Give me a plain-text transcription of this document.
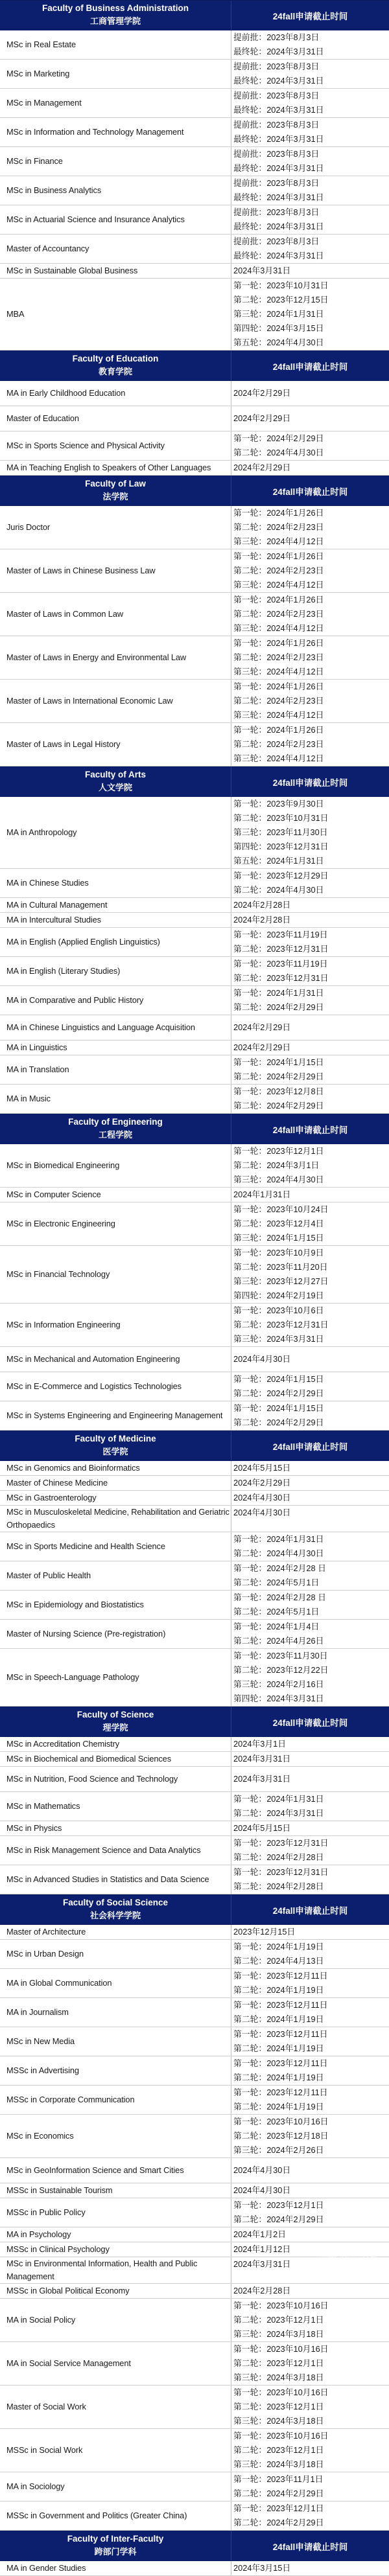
Faculty of Business Administration
工商管理学院	24fall申请截止时间
MSc in Real Estate
提前批：2023年8月3日
最终轮：2024年3月31日
MSc in Marketing
提前批：2023年8月3日
最终轮：2024年3月31日
MSc in Management
提前批：2023年8月3日
最终轮：2024年3月31日
MSc in Information and Technology Management
提前批：2023年8月3日
最终轮：2024年3月31日
MSc in Finance
提前批：2023年8月3日
最终轮：2024年3月31日
MSc in Business Analytics
提前批：2023年8月3日
最终轮：2024年3月31日
MSc in Actuarial Science and Insurance Analytics
提前批：2023年8月3日
最终轮：2024年3月31日
Master of Accountancy
提前批：2023年8月3日
最终轮：2024年3月31日
MSc in Sustainable Global Business	2024年3月31日
MBA
第一轮：2023年10月31日
第二轮：2023年12月15日
第三轮：2024年1月31日
第四轮：2024年3月15日
第五轮：2024年4月30日
Faculty of Education
教育学院	24fall申请截止时间
MA in Early Childhood Education	2024年2月29日
Master of Education	2024年2月29日
MSc in Sports Science and Physical Activity
第一轮：2024年2月29日
第二轮：2024年4月30日
MA in Teaching English to Speakers of Other Languages	2024年2月29日
Faculty of Law
法学院	24fall申请截止时间
Juris Doctor
第一轮：2024年1月26日
第二轮：2024年2月23日
第三轮：2024年4月12日
Master of Laws in Chinese Business Law
第一轮：2024年1月26日
第二轮：2024年2月23日
第三轮：2024年4月12日
Master of Laws in Common Law
第一轮：2024年1月26日
第二轮：2024年2月23日
第三轮：2024年4月12日
Master of Laws in Energy and Environmental Law
第一轮：2024年1月26日
第二轮：2024年2月23日
第三轮：2024年4月12日
Master of Laws in International Economic Law
第一轮：2024年1月26日
第二轮：2024年2月23日
第三轮：2024年4月12日
Master of Laws in Legal History
第一轮：2024年1月26日
第二轮：2024年2月23日
第三轮：2024年4月12日
Faculty of Arts
人文学院	24fall申请截止时间
MA in Anthropology
第一轮：2023年9月30日
第二轮：2023年10月31日
第三轮：2023年11月30日
第四轮：2023年12月31日
第五轮：2024年1月31日
MA in Chinese Studies
第一轮：2023年12月29日
第二轮：2024年4月30日
MA in Cultural Management	2024年2月28日
MA in Intercultural Studies	2024年2月28日
MA in English (Applied English Linguistics)
第一轮：2023年11月19日
第二轮：2023年12月31日
MA in English (Literary Studies)
第一轮：2023年11月19日
第二轮：2023年12月31日
MA in Comparative and Public History
第一轮：2024年1月31日
第二轮：2024年2月29日
MA in Chinese Linguistics and Language Acquisition	2024年2月29日
MA in Linguistics	2024年2月29日
MA in Translation
第一轮：2024年1月15日
第二轮：2024年2月29日
MA in Music
第一轮：2023年12月8日
第二轮：2024年2月29日
Faculty of Engineering
工程学院	24fall申请截止时间
MSc in Biomedical Engineering
第一轮：2023年12月1日
第二轮：2024年3月1日
第三轮：2024年4月30日
MSc in Computer Science	2024年1月31日
MSc in Electronic Engineering
第一轮：2023年10月24日
第二轮：2023年12月4日
第三轮：2024年1月15日
MSc in Financial Technology
第一轮：2023年10月9日
第二轮：2023年11月20日
第三轮：2023年12月27日
第四轮：2024年2月19日
MSc in Information Engineering
第一轮：2023年10月6日
第二轮：2023年12月31日
第三轮：2024年3月31日
MSc in Mechanical and Automation Engineering	2024年4月30日
MSc in E-Commerce and Logistics Technologies
第一轮：2024年1月15日
第二轮：2024年2月29日
MSc in Systems Engineering and Engineering Management
第一轮：2024年1月15日
第二轮：2024年2月29日
Faculty of Medicine
医学院	24fall申请截止时间
MSc in Genomics and Bioinformatics	2024年5月15日
Master of Chinese Medicine	2024年2月29日
MSc in Gastroenterology	2024年4月30日
MSc in Musculoskeletal Medicine, Rehabilitation and Geriatric Orthopaedics
2024年4月30日
MSc in Sports Medicine and Health Science
第一轮：2024年1月31日
第二轮：2024年4月30日
Master of Public Health
第一轮：2024年2月28 日
第二轮：2024年5月1日
MSc in Epidemiology and Biostatistics
第一轮：2024年2月28 日
第二轮：2024年5月1日
Master of Nursing Science (Pre-registration)
第一轮：2024年1月4日
第二轮：2024年4月26日
MSc in Speech-Language Pathology
第一轮：2023年11月30日
第二轮：2023年12月22日
第三轮：2024年2月16日
第四轮：2024年3月31日
Faculty of Science
理学院	24fall申请截止时间
MSc in Accreditation Chemistry	2024年3月1日
MSc in Biochemical and Biomedical Sciences	2024年3月31日
MSc in Nutrition, Food Science and Technology	2024年3月31日
MSc in Mathematics
第一轮：2024年1月31日
第二轮：2024年3月31日
MSc in Physics	2024年5月15日
MSc in Risk Management Science and Data Analytics
第一轮：2023年12月31日
第二轮：2024年2月28日
MSc in Advanced Studies in Statistics and Data Science
第一轮：2023年12月31日
第二轮：2024年2月28日
Faculty of Social Science
社会科学学院	24fall申请截止时间
Master of Architecture	2023年12月15日
MSc in Urban Design
第一轮：2024年1月19日
第二轮：2024年4月13日
MA in Global Communication
第一轮：2023年12月11日
第二轮：2024年1月19日
MA in Journalism
第一轮：2023年12月11日
第二轮：2024年1月19日
MSc in New Media
第一轮：2023年12月11日
第二轮：2024年1月19日
MSSc in Advertising
第一轮：2023年12月11日
第二轮：2024年1月19日
MSSc in Corporate Communication
第一轮：2023年12月11日
第二轮：2024年1月19日
MSc in Economics
第一轮：2023年10月16日
第二轮：2023年12月18日
第三轮：2024年2月26日
MSc in GeoInformation Science and Smart Cities	2024年4月30日
MSSc in Sustainable Tourism	2024年4月30日
MSSc in Public Policy
第一轮：2023年12月1日
第二轮：2024年2月29日
MA in Psychology	2024年1月2日
MSSc in Clinical Psychology	2024年1月12日
MSc in Environmental Information, Health and Public Management
2024年3月31日
MSSc in Global Political Economy	2024年2月28日
MA in Social Policy
第一轮：2023年10月16日
第二轮：2023年12月1日
第三轮：2024年3月18日
MA in Social Service Management
第一轮：2023年10月16日
第二轮：2023年12月1日
第三轮：2024年3月18日
Master of Social Work
第一轮：2023年10月16日
第二轮：2023年12月1日
第三轮：2024年3月18日
MSSc in Social Work
第一轮：2023年10月16日
第二轮：2023年12月1日
第三轮：2024年3月18日
MA in Sociology
第一轮：2023年11月1日
第二轮：2024年2月29日
MSSc in Government and Politics (Greater China)
第一轮：2023年12月1日
第二轮：2024年2月29日
Faculty of Inter-Faculty
跨部门学科	24fall申请截止时间
MA in Gender Studies	2024年3月15日
知乎 @华小夏
